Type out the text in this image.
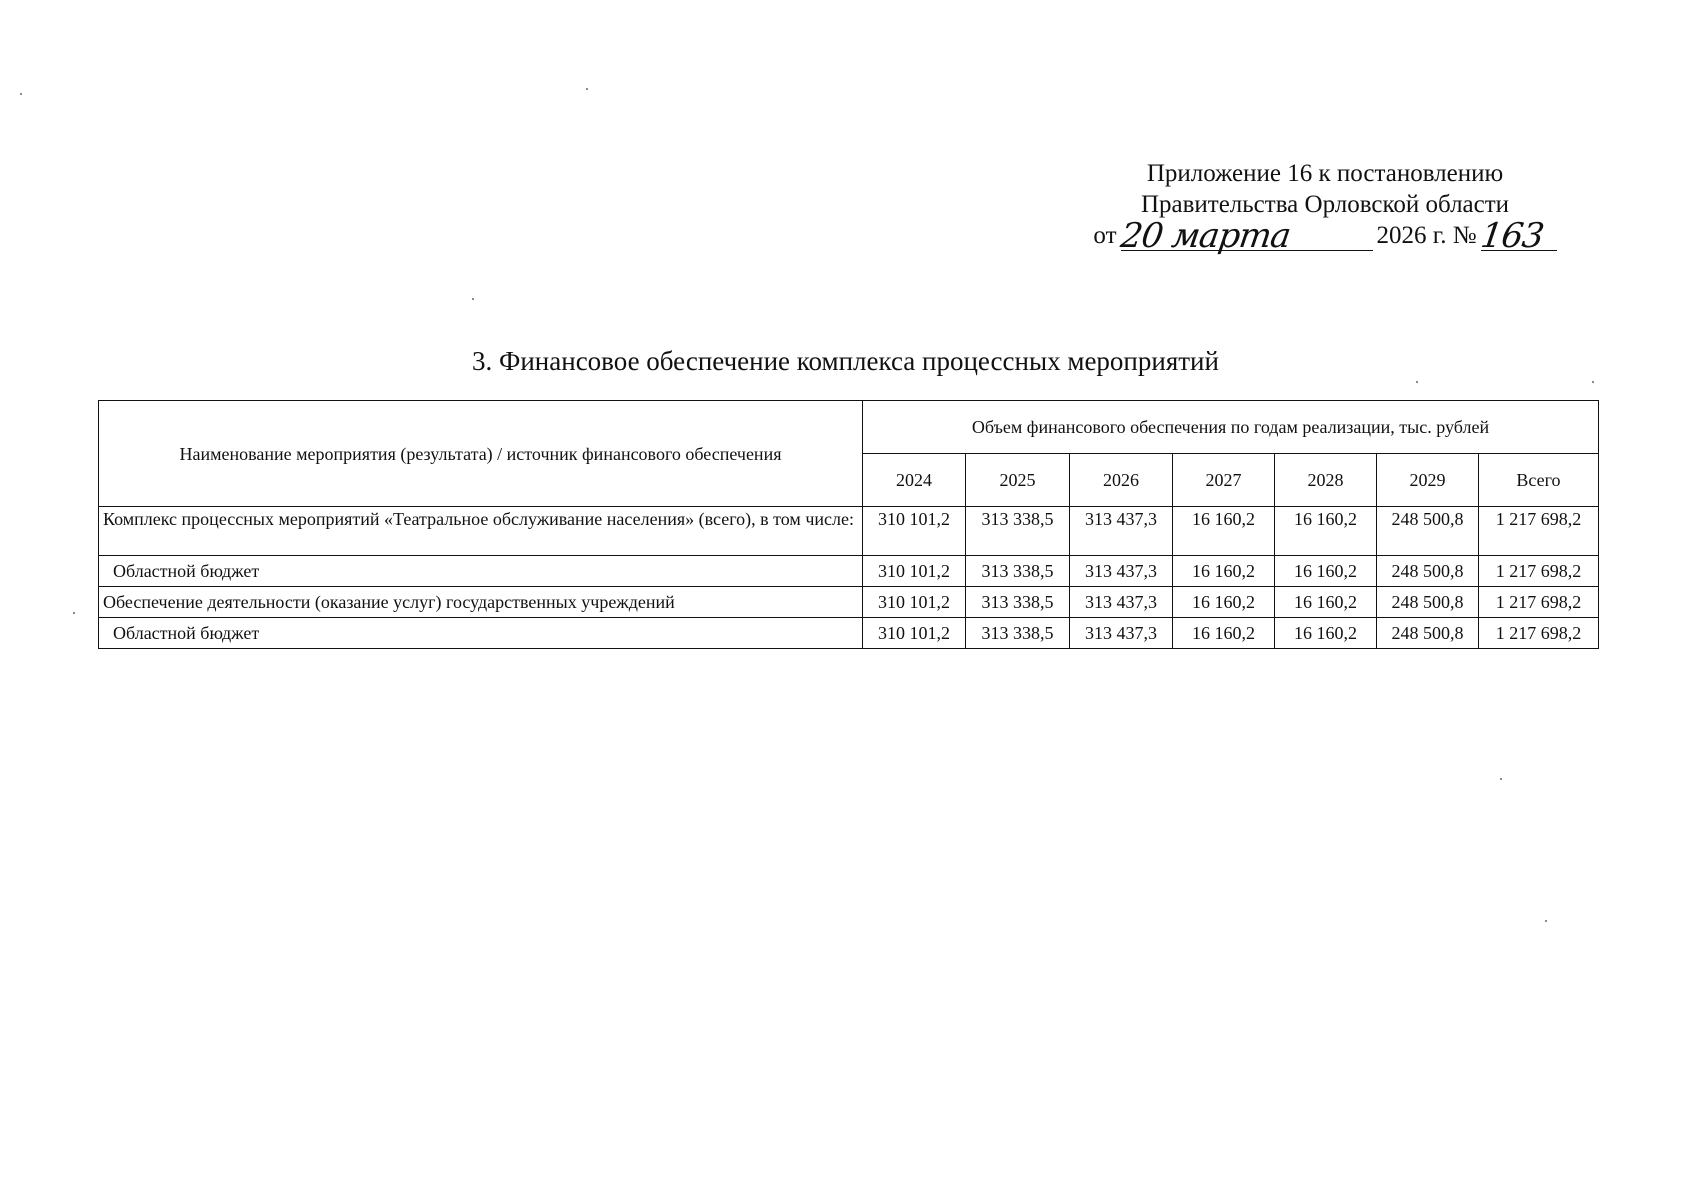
Приложение 16 к постановлению
Правительства Орловской области
от 20 марта	2026 г. № 163
3. Финансовое обеспечение комплекса процессных мероприятий
Наименование мероприятия (результата) / источник финансового обеспечения	Объем финансового обеспечения по годам реализации, тыс. рублей						
	2024	2025	2026	2027	2028	2029	Всего
Комплекс процессных мероприятий «Театральное обслуживание населения» (всего), в том числе:	310 101,2	313 338,5	313 437,3	16 160,2	16 160,2	248 500,8	1 217 698,2
Областной бюджет	310 101,2	313 338,5	313 437,3	16 160,2	16 160,2	248 500,8	1 217 698,2
Обеспечение деятельности (оказание услуг) государственных учреждений	310 101,2	313 338,5	313 437,3	16 160,2	16 160,2	248 500,8	1 217 698,2
Областной бюджет	310 101,2	313 338,5	313 437,3	16 160,2	16 160,2	248 500,8	1 217 698,2
